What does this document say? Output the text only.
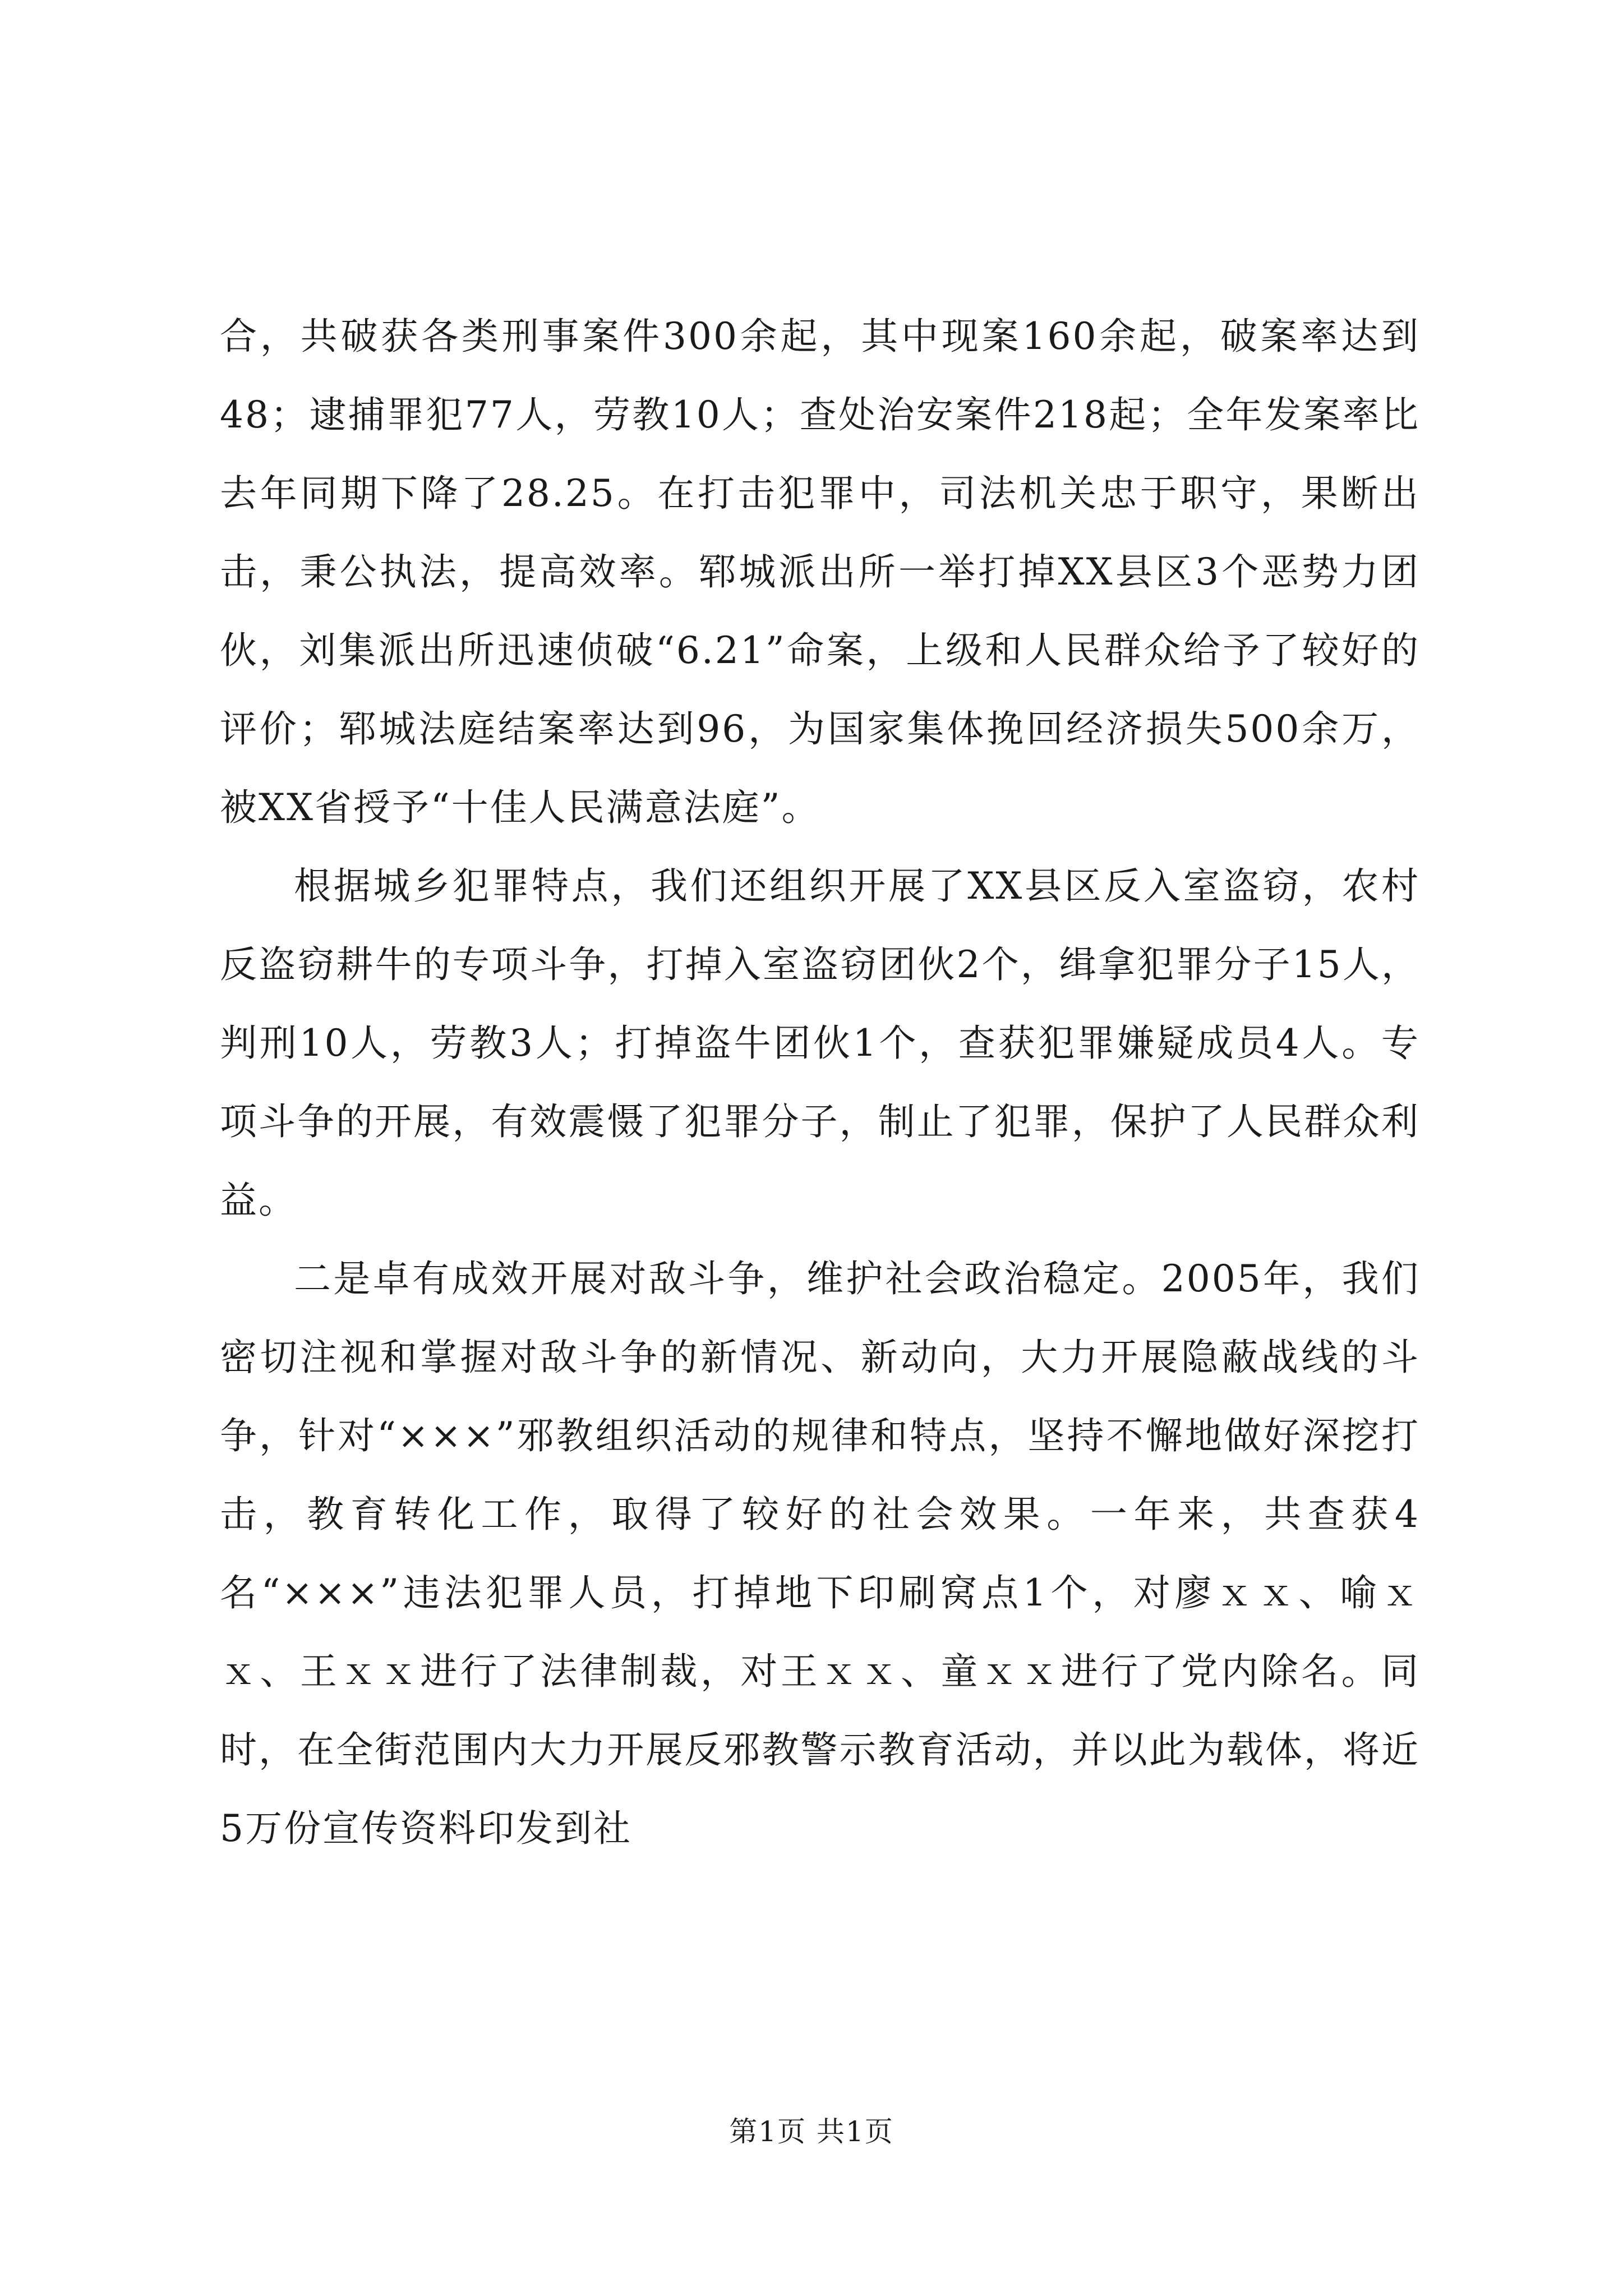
合，共破获各类刑事案件300余起，其中现案160余起，破案率达到48；逮捕罪犯77人，劳教10人；查处治安案件218起；全年发案率比去年同期下降了28.25。在打击犯罪中，司法机关忠于职守，果断出击，秉公执法，提高效率。郓城派出所一举打掉XX县区3个恶势力团伙，刘集派出所迅速侦破“6.21”命案，上级和人民群众给予了较好的评价；郓城法庭结案率达到96，为国家集体挽回经济损失500余万，被XX省授予“十佳人民满意法庭”。

根据城乡犯罪特点，我们还组织开展了XX县区反入室盗窃，农村反盗窃耕牛的专项斗争，打掉入室盗窃团伙2个，缉拿犯罪分子15人，判刑10人，劳教3人；打掉盗牛团伙1个，查获犯罪嫌疑成员4人。专项斗争的开展，有效震慑了犯罪分子，制止了犯罪，保护了人民群众利益。

二是卓有成效开展对敌斗争，维护社会政治稳定。2005年，我们密切注视和掌握对敌斗争的新情况、新动向，大力开展隐蔽战线的斗争，针对“×××”邪教组织活动的规律和特点，坚持不懈地做好深挖打击，教育转化工作，取得了较好的社会效果。一年来，共查获4名“×××”违法犯罪人员，打掉地下印刷窝点1个，对廖ｘｘ、喻ｘｘ、王ｘｘ进行了法律制裁，对王ｘｘ、童ｘｘ进行了党内除名。同时，在全街范围内大力开展反邪教警示教育活动，并以此为载体，将近5万份宣传资料印发到社

第1页 共1页
